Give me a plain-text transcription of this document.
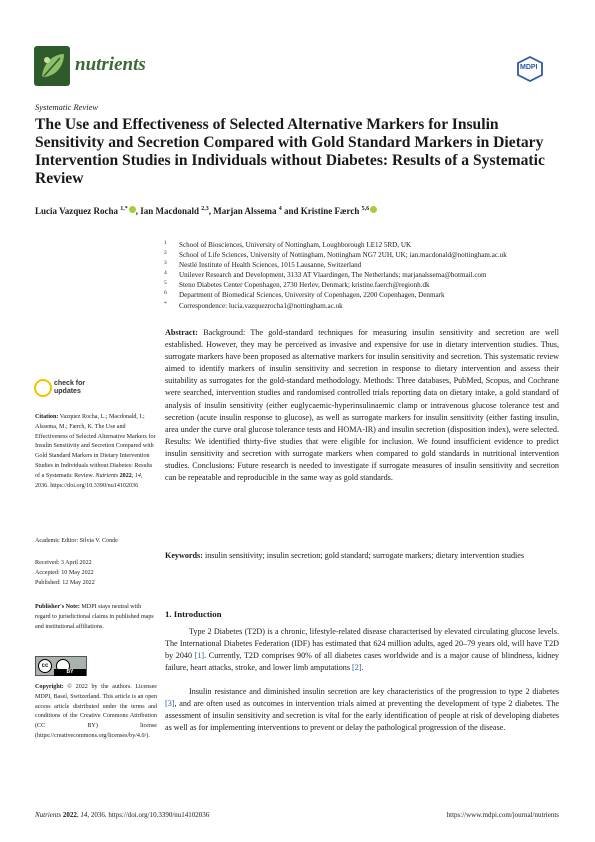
nutrients	MDPI
Systematic Review
The Use and Effectiveness of Selected Alternative Markers for Insulin Sensitivity and Secretion Compared with Gold Standard Markers in Dietary Intervention Studies in Individuals without Diabetes: Results of a Systematic Review
Lucia Vazquez Rocha $^{1,*}$ , Ian Macdonald $^{2,3}$, Marjan Alssema $^4$ and Kristine Færch $^{5,6}$
1 School of Biosciences, University of Nottingham, Loughborough LE12 5RD, UK
2 School of Life Sciences, University of Nottingham, Nottingham NG7 2UH, UK; ian.macdonald@nottingham.ac.uk
3 Nestlé Institute of Health Sciences, 1015 Lausanne, Switzerland
4 Unilever Research and Development, 3133 AT Vlaardingen, The Netherlands; marjanalssema@hotmail.com
5 Steno Diabetes Center Copenhagen, 2730 Herlev, Denmark; kristine.faerch@regionh.dk
6 Department of Biomedical Sciences, University of Copenhagen, 2200 Copenhagen, Denmark
* Correspondence: lucia.vazquezrocha1@nottingham.ac.uk

Abstract: Background: The gold-standard techniques for measuring insulin sensitivity and secretion are well established. However, they may be perceived as invasive and expensive for use in dietary intervention studies. Thus, surrogate markers have been proposed as alternative markers for insulin sensitivity and secretion. This systematic review aimed to identify markers of insulin sensitivity and secretion in response to dietary intervention and assess their suitability as surrogates for the gold-standard methodology. Methods: Three databases, PubMed, Scopus, and Cochrane were searched, intervention studies and randomised controlled trials reporting data on dietary intake, a gold standard of analysis of insulin sensitivity (either euglycaemic-hyperinsulinaemic clamp or intravenous glucose tolerance test and secretion (acute insulin response to glucose), as well as surrogate markers for insulin sensitivity (either fasting insulin, area under the curve oral glucose tolerance tests and HOMA-IR) and insulin secretion (disposition index), were selected. Results: We identified thirty-five studies that were eligible for inclusion. We found insufficient evidence to predict insulin sensitivity and secretion with surrogate markers when compared to gold standards in nutritional intervention studies. Conclusions: Future research is needed to investigate if surrogate measures of insulin sensitivity and secretion can be repeatable and reproducible in the same way as gold standards.

Keywords: insulin sensitivity; insulin secretion; gold standard; surrogate markers; dietary intervention studies

check for
updates
Citation: Vazquez Rocha, L.; Macdonald, I.; Alssema, M.; Færch, K. The Use and Effectiveness of Selected Alternative Markers for Insulin Sensitivity and Secretion Compared with Gold Standard Markers in Dietary Intervention Studies in Individuals without Diabetes: Results of a Systematic Review. Nutrients 2022, 14, 2036. https://doi.org/10.3390/nu14102036
Academic Editor: Silvia V. Conde
Received: 3 April 2022
Accepted: 10 May 2022
Published: 12 May 2022
Publisher's Note: MDPI stays neutral with regard to jurisdictional claims in published maps and institutional affiliations.
cc
BY
Copyright: © 2022 by the authors. Licensee MDPI, Basel, Switzerland. This article is an open access article distributed under the terms and conditions of the Creative Commons Attribution (CC BY) license (https://creativecommons.org/licenses/by/4.0/).
1. Introduction

Type 2 Diabetes (T2D) is a chronic, lifestyle-related disease characterised by elevated circulating glucose levels. The International Diabetes Federation (IDF) has estimated that 624 million adults, aged 20–79 years old, will have T2D by 2040 [1]. Currently, T2D comprises 90% of all diabetes cases worldwide and is a major cause of blindness, kidney failure, heart attacks, stroke, and lower limb amputations [2].

Insulin resistance and diminished insulin secretion are key characteristics of the progression to type 2 diabetes [3], and are often used as outcomes in intervention trials aimed at preventing the development of type 2 diabetes. The assessment of insulin sensitivity and secretion is vital for the early identification of people at risk of developing diabetes as well as for implementing interventions to prevent or delay the pathological progression of the disease.

Nutrients 2022, 14, 2036. https://doi.org/10.3390/nu14102036	https://www.mdpi.com/journal/nutrients
